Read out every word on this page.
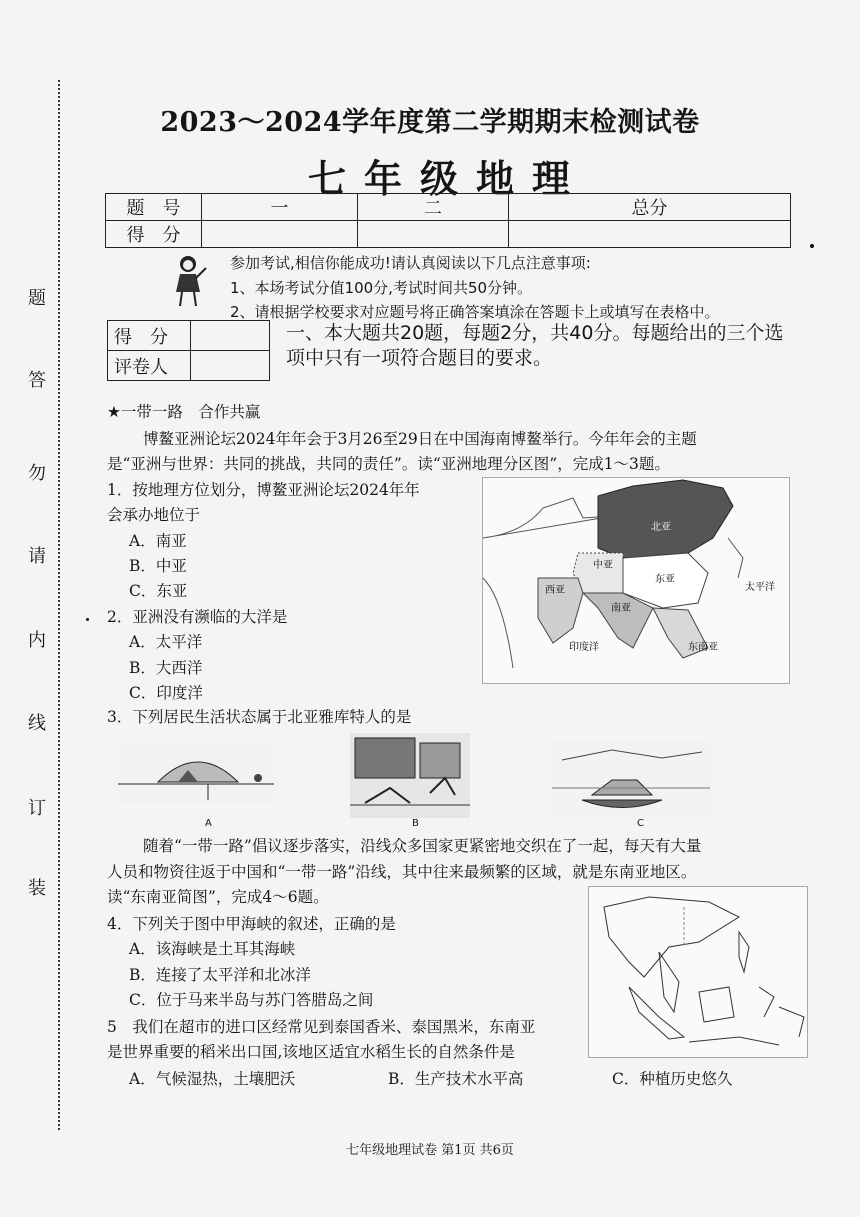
装
订
线
内
请
勿
答
题
2023～2024学年度第二学期期末检测试卷
七年级地理
题　号	一	二	总分
得　分			
参加考试,相信你能成功!请认真阅读以下几点注意事项:
1、本场考试分值100分,考试时间共50分钟。
2、请根据学校要求对应题号将正确答案填涂在答题卡上或填写在表格中。
得　分	
评卷人	
一、本大题共20题，每题2分，共40分。每题给出的三个选项中只有一项符合题目的要求。
★一带一路　合作共赢
博鳌亚洲论坛2024年年会于3月26至29日在中国海南博鳌举行。今年年会的主题
是“亚洲与世界：共同的挑战，共同的责任”。读“亚洲地理分区图”，完成1～3题。
1．按地理方位划分，博鳌亚洲论坛2024年年
会承办地位于
A．南亚
B．中亚
C．东亚
2．亚洲没有濒临的大洋是
A．太平洋
B．大西洋
C．印度洋
北亚
中亚
东亚
西亚
南亚
东南亚
太平洋
印度洋
3．下列居民生活状态属于北亚雅库特人的是
A	B	C
随着“一带一路”倡议逐步落实，沿线众多国家更紧密地交织在了一起，每天有大量
人员和物资往返于中国和“一带一路”沿线，其中往来最频繁的区域，就是东南亚地区。
读“东南亚简图”，完成4～6题。
4．下列关于图中甲海峡的叙述，正确的是
A．该海峡是土耳其海峡
B．连接了太平洋和北冰洋
C．位于马来半岛与苏门答腊岛之间
5　我们在超市的进口区经常见到泰国香米、泰国黑米，东南亚
是世界重要的稻米出口国,该地区适宜水稻生长的自然条件是
A．气候湿热，土壤肥沃	B．生产技术水平高	C．种植历史悠久
七年级地理试卷 第1页 共6页
